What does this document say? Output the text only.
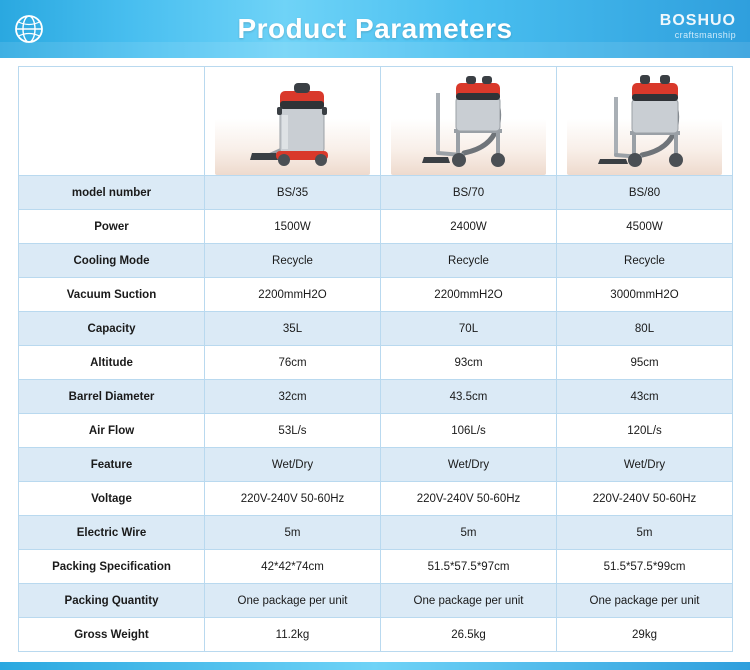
Product Parameters	BOSHUO
craftsmanship

model number	BS/35	BS/70	BS/80
Power	1500W	2400W	4500W
Cooling Mode	Recycle	Recycle	Recycle
Vacuum Suction	2200mmH2O	2200mmH2O	3000mmH2O
Capacity	35L	70L	80L
Altitude	76cm	93cm	95cm
Barrel Diameter	32cm	43.5cm	43cm
Air Flow	53L/s	106L/s	120L/s
Feature	Wet/Dry	Wet/Dry	Wet/Dry
Voltage	220V-240V 50-60Hz	220V-240V 50-60Hz	220V-240V 50-60Hz
Electric Wire	5m	5m	5m
Packing Specification	42*42*74cm	51.5*57.5*97cm	51.5*57.5*99cm
Packing Quantity	One package per unit	One package per unit	One package per unit
Gross Weight	11.2kg	26.5kg	29kg
